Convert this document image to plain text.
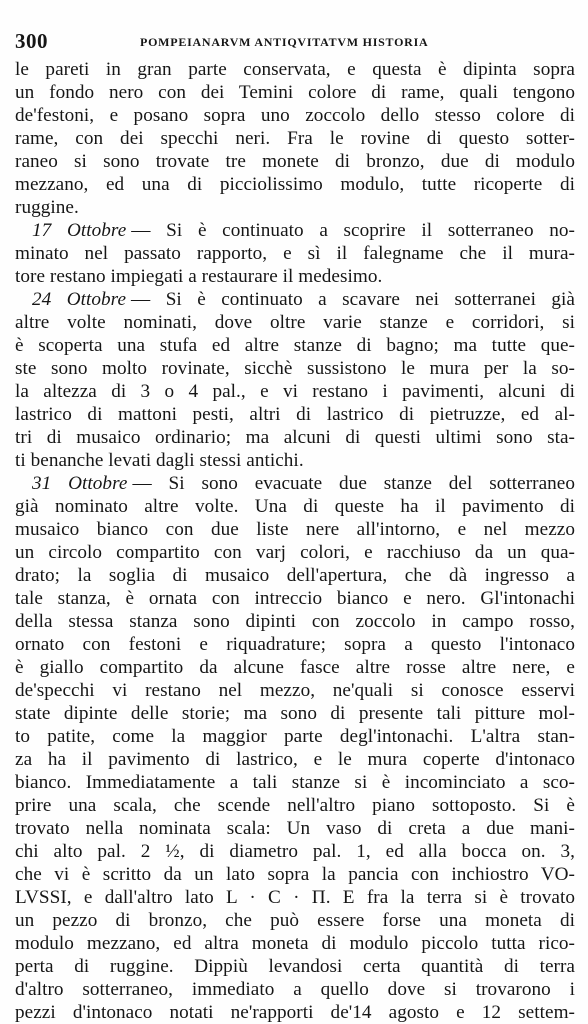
300	POMPEIANARVM ANTIQVITATVM HISTORIA
le pareti in gran parte conservata, e questa è dipinta sopra
un fondo nero con dei Temini colore di rame, quali tengono
de'festoni, e posano sopra uno zoccolo dello stesso colore di
rame, con dei specchi neri. Fra le rovine di questo sotter-
raneo si sono trovate tre monete di bronzo, due di modulo
mezzano, ed una di picciolissimo modulo, tutte ricoperte di
ruggine.
17 Ottobre — Si è continuato a scoprire il sotterraneo no-
minato nel passato rapporto, e sì il falegname che il mura-
tore restano impiegati a restaurare il medesimo.
24 Ottobre — Si è continuato a scavare nei sotterranei già
altre volte nominati, dove oltre varie stanze e corridori, si
è scoperta una stufa ed altre stanze di bagno; ma tutte que-
ste sono molto rovinate, sicchè sussistono le mura per la so-
la altezza di 3 o 4 pal., e vi restano i pavimenti, alcuni di
lastrico di mattoni pesti, altri di lastrico di pietruzze, ed al-
tri di musaico ordinario; ma alcuni di questi ultimi sono sta-
ti benanche levati dagli stessi antichi.
31 Ottobre — Si sono evacuate due stanze del sotterraneo
già nominato altre volte. Una di queste ha il pavimento di
musaico bianco con due liste nere all'intorno, e nel mezzo
un circolo compartito con varj colori, e racchiuso da un qua-
drato; la soglia di musaico dell'apertura, che dà ingresso a
tale stanza, è ornata con intreccio bianco e nero. Gl'intonachi
della stessa stanza sono dipinti con zoccolo in campo rosso,
ornato con festoni e riquadrature; sopra a questo l'intonaco
è giallo compartito da alcune fasce altre rosse altre nere, e
de'specchi vi restano nel mezzo, ne'quali si conosce esservi
state dipinte delle storie; ma sono di presente tali pitture mol-
to patite, come la maggior parte degl'intonachi. L'altra stan-
za ha il pavimento di lastrico, e le mura coperte d'intonaco
bianco. Immediatamente a tali stanze si è incominciato a sco-
prire una scala, che scende nell'altro piano sottoposto. Si è
trovato nella nominata scala: Un vaso di creta a due mani-
chi alto pal. 2 ½, di diametro pal. 1, ed alla bocca on. 3,
che vi è scritto da un lato sopra la pancia con inchiostro VO-
LVSSI, e dall'altro lato L · C · Π. E fra la terra si è trovato
un pezzo di bronzo, che può essere forse una moneta di
modulo mezzano, ed altra moneta di modulo piccolo tutta rico-
perta di ruggine. Dippiù levandosi certa quantità di terra
d'altro sotterraneo, immediato a quello dove si trovarono i
pezzi d'intonaco notati ne'rapporti de'14 agosto e 12 settem-
